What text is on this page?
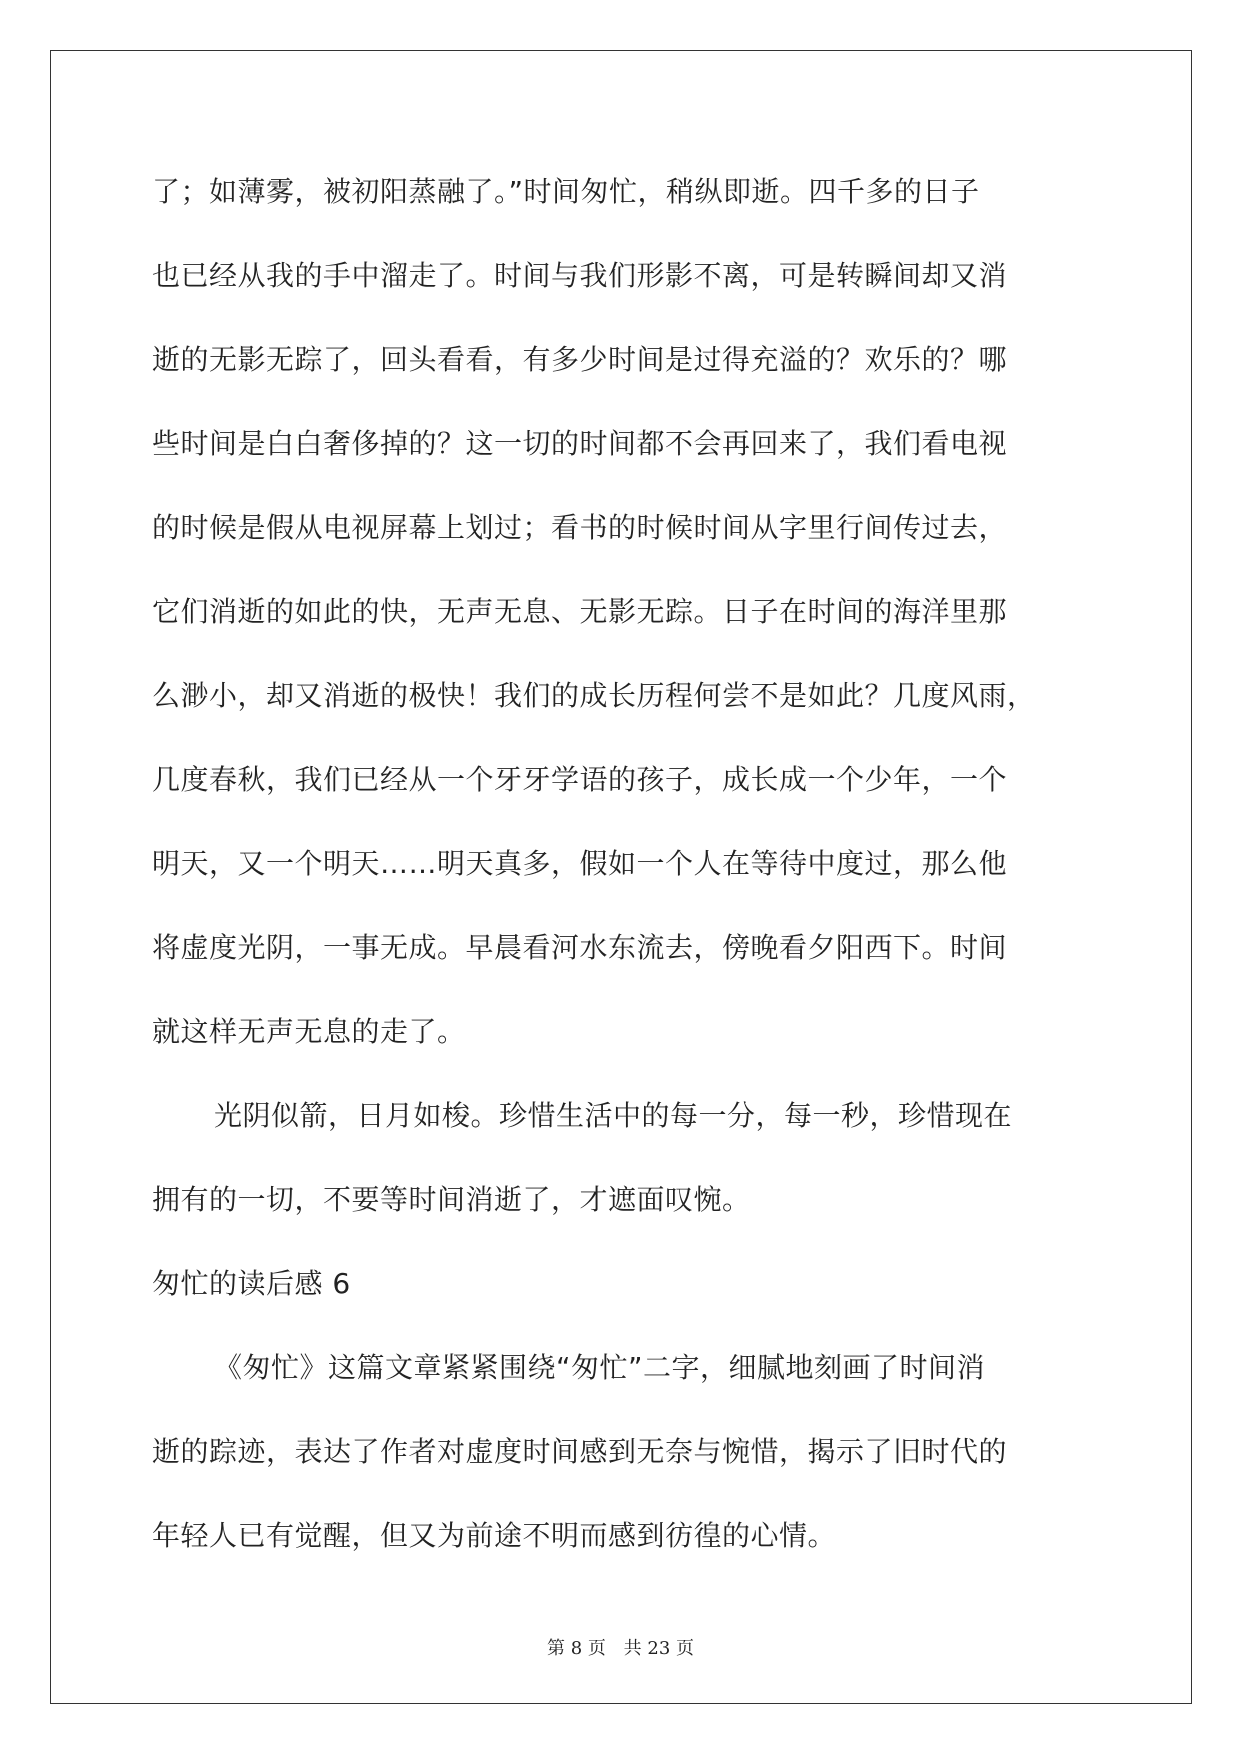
了；如薄雾，被初阳蒸融了。”时间匆忙，稍纵即逝。四千多的日子
也已经从我的手中溜走了。时间与我们形影不离，可是转瞬间却又消
逝的无影无踪了，回头看看，有多少时间是过得充溢的？欢乐的？哪
些时间是白白奢侈掉的？这一切的时间都不会再回来了，我们看电视
的时候是假从电视屏幕上划过；看书的时候时间从字里行间传过去，
它们消逝的如此的快，无声无息、无影无踪。日子在时间的海洋里那
么渺小，却又消逝的极快！我们的成长历程何尝不是如此？几度风雨，
几度春秋，我们已经从一个牙牙学语的孩子，成长成一个少年，一个
明天，又一个明天……明天真多，假如一个人在等待中度过，那么他
将虚度光阴，一事无成。早晨看河水东流去，傍晚看夕阳西下。时间
就这样无声无息的走了。
光阴似箭，日月如梭。珍惜生活中的每一分，每一秒，珍惜现在
拥有的一切，不要等时间消逝了，才遮面叹惋。
匆忙的读后感 6
《匆忙》这篇文章紧紧围绕“匆忙”二字，细腻地刻画了时间消
逝的踪迹，表达了作者对虚度时间感到无奈与惋惜，揭示了旧时代的
年轻人已有觉醒，但又为前途不明而感到彷徨的心情。
第 8 页 共 23 页
